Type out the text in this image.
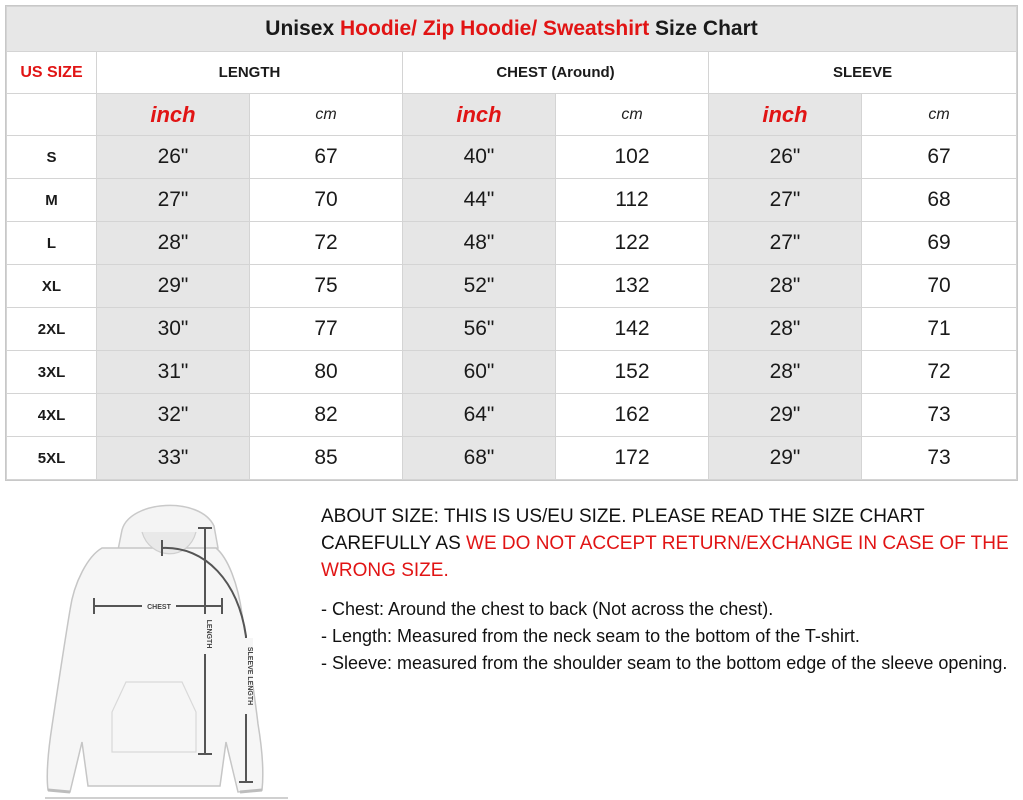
Unisex Hoodie/ Zip Hoodie/ Sweatshirt Size Chart						
US SIZE	LENGTH		CHEST (Around)		SLEEVE	
	inch	cm	inch	cm	inch	cm
S	26"	67	40"	102	26"	67
M	27"	70	44"	112	27"	68
L	28"	72	48"	122	27"	69
XL	29"	75	52"	132	28"	70
2XL	30"	77	56"	142	28"	71
3XL	31"	80	60"	152	28"	72
4XL	32"	82	64"	162	29"	73
5XL	33"	85	68"	172	29"	73
CHEST
LENGTH
SLEEVE LENGTH

ABOUT SIZE: THIS IS US/EU SIZE. PLEASE READ THE SIZE CHART CAREFULLY AS WE DO NOT ACCEPT RETURN/EXCHANGE IN CASE OF THE WRONG SIZE.

- Chest: Around the chest to back (Not across the chest).
- Length: Measured from the neck seam to the bottom of the T-shirt.
- Sleeve: measured from the shoulder seam to the bottom edge of the sleeve opening.
